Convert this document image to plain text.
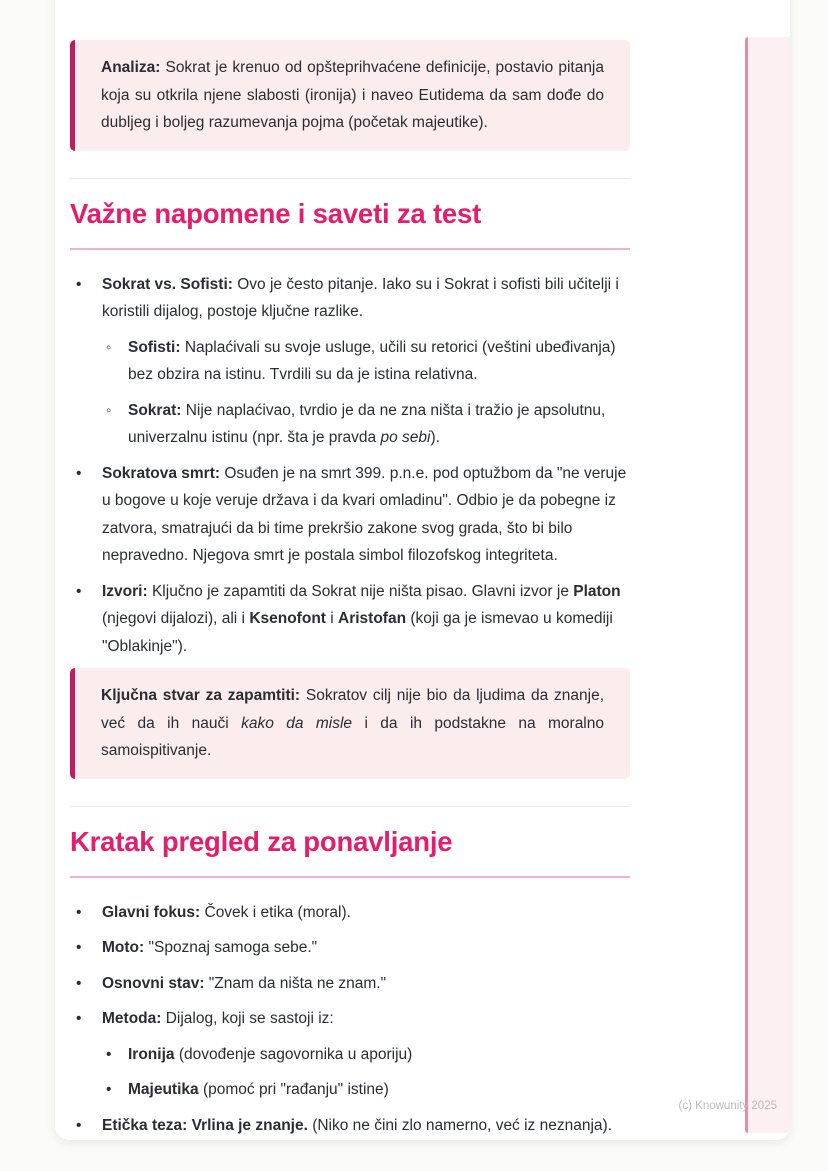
Analiza: Sokrat je krenuo od opšteprihvaćene definicije, postavio pitanja koja su otkrila njene slabosti (ironija) i naveo Eutidema da sam dođe do dubljeg i boljeg razumevanja pojma (početak majeutike).

Važne napomene i saveti za test
•	Sokrat vs. Sofisti: Ovo je često pitanje. Iako su i Sokrat i sofisti bili učitelji i koristili dijalog, postoje ključne razlike.
◦	Sofisti: Naplaćivali su svoje usluge, učili su retorici (veštini ubeđivanja) bez obzira na istinu. Tvrdili su da je istina relativna.
◦	Sokrat: Nije naplaćivao, tvrdio je da ne zna ništa i tražio je apsolutnu, univerzalnu istinu (npr. šta je pravda po sebi).
•	Sokratova smrt: Osuđen je na smrt 399. p.n.e. pod optužbom da "ne veruje u bogove u koje veruje država i da kvari omladinu". Odbio je da pobegne iz zatvora, smatrajući da bi time prekršio zakone svog grada, što bi bilo nepravedno. Njegova smrt je postala simbol filozofskog integriteta.
•	Izvori: Ključno je zapamtiti da Sokrat nije ništa pisao. Glavni izvor je Platon (njegovi dijalozi), ali i Ksenofont i Aristofan (koji ga je ismevao u komediji "Oblakinje").

Ključna stvar za zapamtiti: Sokratov cilj nije bio da ljudima da znanje, već da ih nauči kako da misle i da ih podstakne na moralno samoispitivanje.

Kratak pregled za ponavljanje
•	Glavni fokus: Čovek i etika (moral).
•	Moto: "Spoznaj samoga sebe."
•	Osnovni stav: "Znam da ništa ne znam."
•	Metoda: Dijalog, koji se sastoji iz:
•	Ironija (dovođenje sagovornika u aporiju)
•	Majeutika (pomoć pri "rađanju" istine)
•	Etička teza: Vrlina je znanje. (Niko ne čini zlo namerno, već iz neznanja).
(c) Knowunity 2025
